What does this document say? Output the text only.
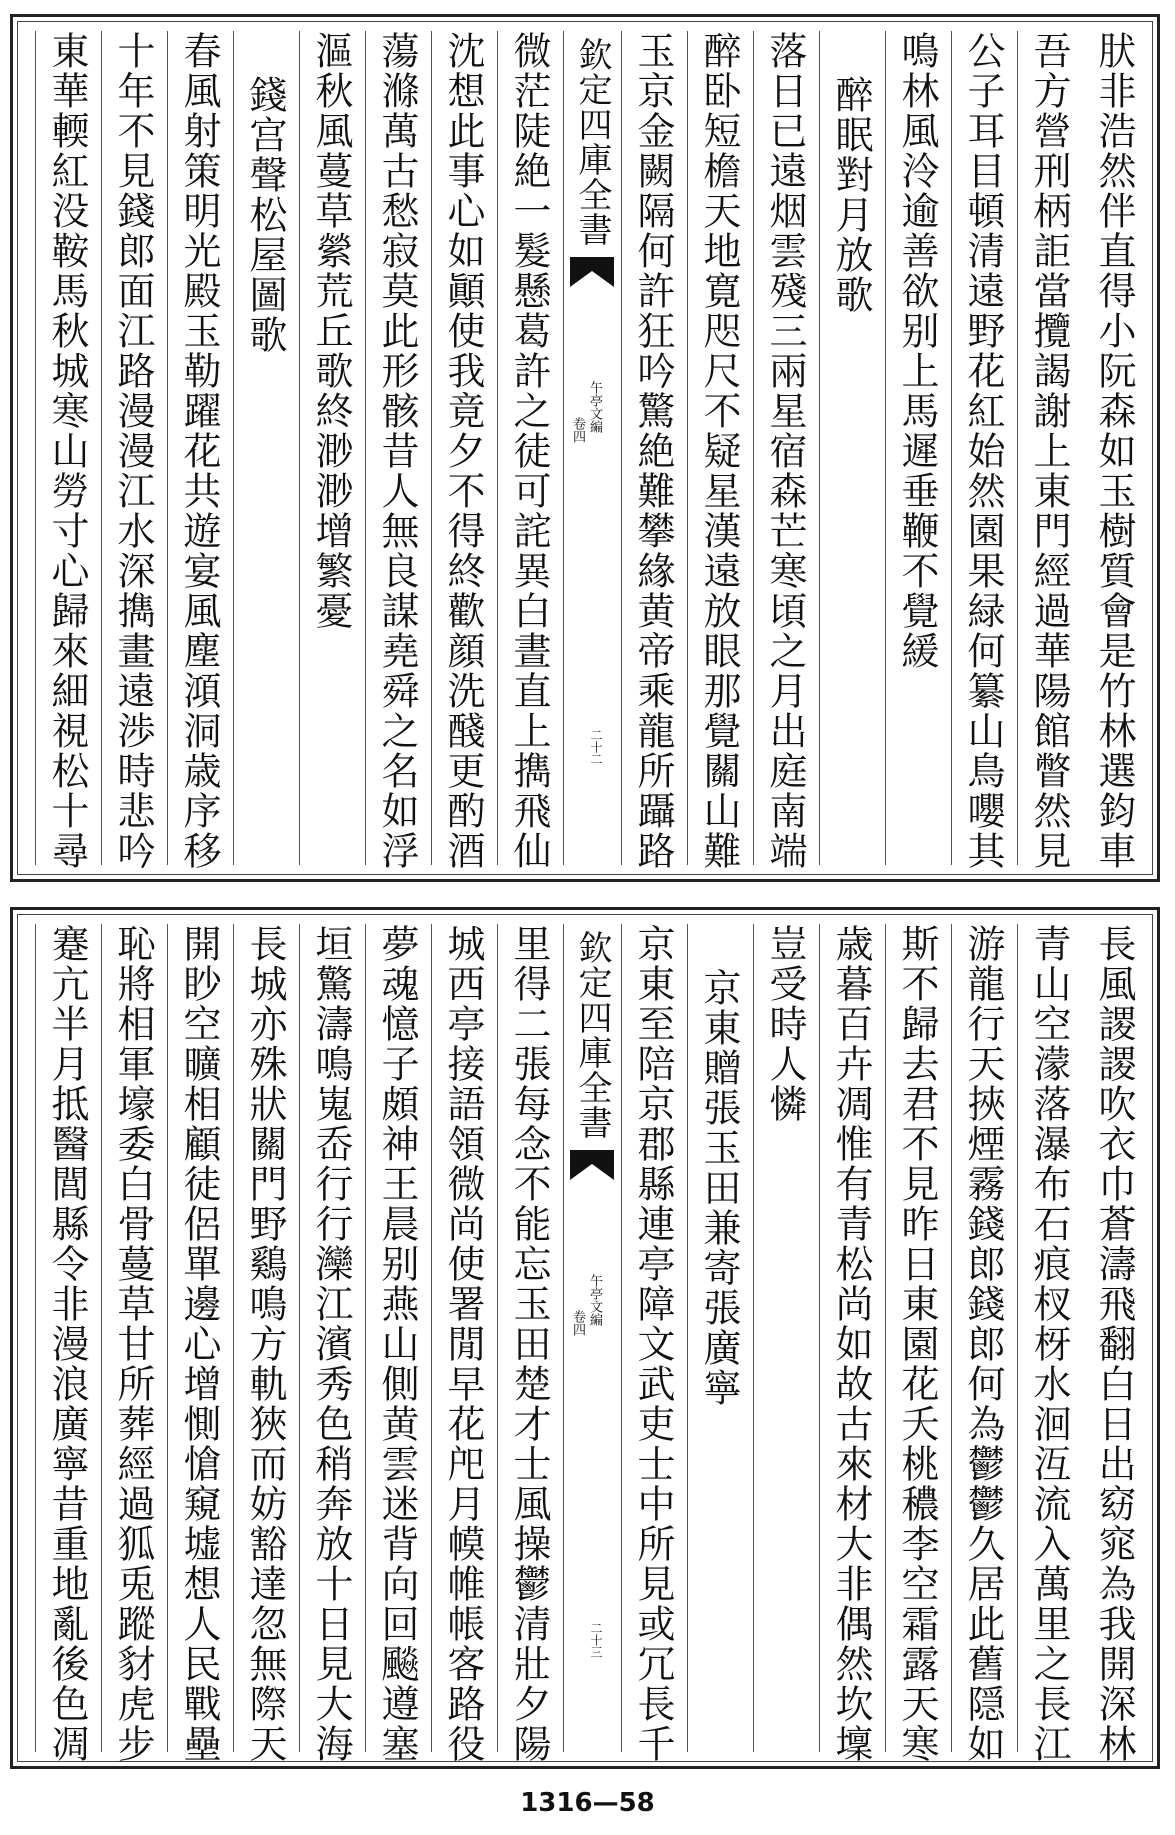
肰非浩然伴直得小阮森如玉樹質會是竹林選鈞車
吾方營刑柄詎當攬謁謝上東門經過華陽館瞥然見
公子耳目頓清遠野花紅始然園果緑何纂山鳥嚶其
鳴林風泠逾善欲别上馬遲垂鞭不覺緩
醉眠對月放歌
落日已遠烟雲殘三兩星宿森芒寒頃之月出庭南端
醉卧短檐天地寛咫尺不疑星漢遠放眼那覺關山難
玉京金闕隔何許狂吟驚絶難攀緣黄帝乘龍所躡路
欽定四庫全書
午亭文編
卷四
二十二
微茫陡絶一髮懸葛許之徒可詫異白晝直上擕飛仙
沈想此事心如顚使我竟夕不得終歡顔洗醆更酌酒
蕩滌萬古愁寂莫此形骸昔人無良謀堯舜之名如浮
漚秋風蔓草縈荒丘歌終渺渺增繁憂
錢宫聲松屋圖歌
春風射策明光殿玉勒躍花共遊宴風塵澒洞歳序移
十年不見錢郎面江路漫漫江水深擕畫遠渉時悲吟
東華輭紅没鞍馬秋城寒山勞寸心歸來細視松十尋
長風謖謖吹衣巾蒼濤飛翻白日出窈窕為我開深林
青山空濛落瀑布石痕杈枒水洄沍流入萬里之長江
游龍行天挾煙霧錢郎錢郎何為鬱鬱久居此舊隠如
斯不歸去君不見昨日東園花夭桃穠李空霜露天寒
歳暮百卉凋惟有青松尚如故古來材大非偶然坎壈
豈受時人憐
京東贈張玉田兼寄張廣寧
京東至陪京郡縣連亭障文武吏士中所見或冗長千
欽定四庫全書
午亭文編
卷四
二十三
里得二張每念不能忘玉田楚才士風操鬱清壯夕陽
城西亭接語領微尚使署閒早花戺月幙帷帳客路役
夢魂憶子頗神王晨别燕山側黄雲迷背向回飈遵塞
垣驚濤鳴嵬岙行行灤江濱秀色稍奔放十日見大海
長城亦殊狀關門野鷄鳴方軌狹而妨豁達忽無際天
開眇空曠相顧徒侶單邊心增惻愴窺墟想人民戰壘
恥將相軍壕委白骨蔓草甘所葬經過狐兎蹤豺虎步
蹇亢半月抵醫閭縣令非漫浪廣寧昔重地亂後色凋
1316—58
